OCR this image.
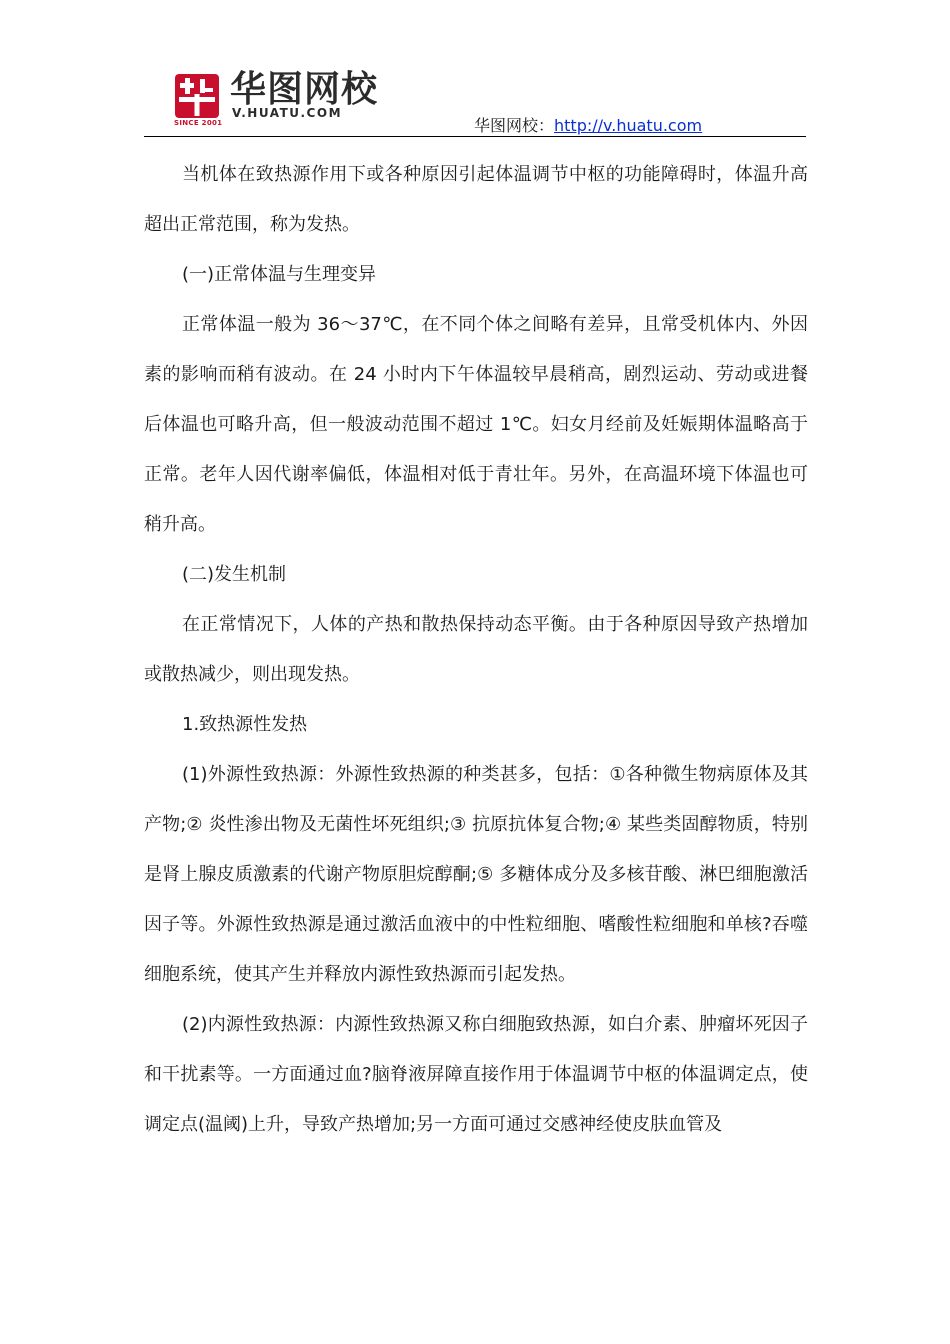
SINCE 2001
华图网校
V.HUATU.COM
华图网校：http://v.huatu.com

当机体在致热源作用下或各种原因引起体温调节中枢的功能障碍时，体温升高超出正常范围，称为发热。

(一)正常体温与生理变异

正常体温一般为 36～37℃，在不同个体之间略有差异，且常受机体内、外因素的影响而稍有波动。在 24 小时内下午体温较早晨稍高，剧烈运动、劳动或进餐后体温也可略升高，但一般波动范围不超过 1℃。妇女月经前及妊娠期体温略高于正常。老年人因代谢率偏低，体温相对低于青壮年。另外，在高温环境下体温也可稍升高。

(二)发生机制

在正常情况下，人体的产热和散热保持动态平衡。由于各种原因导致产热增加或散热减少，则出现发热。

1.致热源性发热

(1)外源性致热源：外源性致热源的种类甚多，包括：①各种微生物病原体及其产物;② 炎性渗出物及无菌性坏死组织;③ 抗原抗体复合物;④ 某些类固醇物质，特别是肾上腺皮质激素的代谢产物原胆烷醇酮;⑤ 多糖体成分及多核苷酸、淋巴细胞激活因子等。外源性致热源是通过激活血液中的中性粒细胞、嗜酸性粒细胞和单核?吞噬细胞系统，使其产生并释放内源性致热源而引起发热。

(2)内源性致热源：内源性致热源又称白细胞致热源，如白介素、肿瘤坏死因子和干扰素等。一方面通过血?脑脊液屏障直接作用于体温调节中枢的体温调定点，使调定点(温阈)上升，导致产热增加;另一方面可通过交感神经使皮肤血管及
